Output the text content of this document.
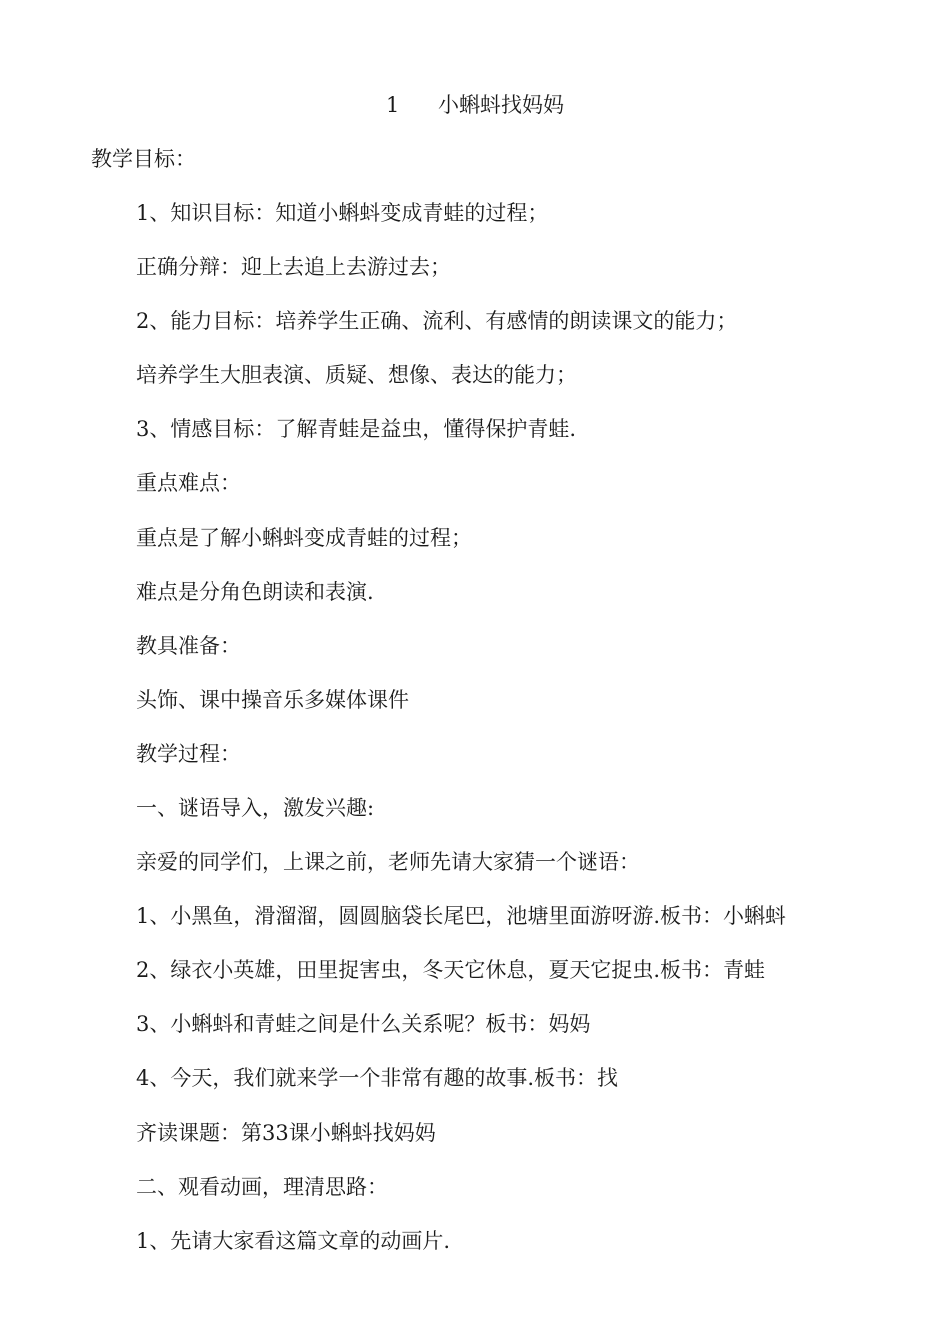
1 小蝌蚪找妈妈
教学目标：
1、知识目标：知道小蝌蚪变成青蛙的过程；
正确分辩：迎上去追上去游过去；
2、能力目标：培养学生正确、流利、有感情的朗读课文的能力；
培养学生大胆表演、质疑、想像、表达的能力；
3、情感目标：了解青蛙是益虫，懂得保护青蛙.
重点难点：
重点是了解小蝌蚪变成青蛙的过程；
难点是分角色朗读和表演.
教具准备：
头饰、课中操音乐多媒体课件
教学过程：
一、谜语导入，激发兴趣:
亲爱的同学们，上课之前，老师先请大家猜一个谜语：
1、小黑鱼，滑溜溜，圆圆脑袋长尾巴，池塘里面游呀游.板书：小蝌蚪
2、绿衣小英雄，田里捉害虫，冬天它休息，夏天它捉虫.板书：青蛙
3、小蝌蚪和青蛙之间是什么关系呢？板书：妈妈
4、今天，我们就来学一个非常有趣的故事.板书：找
齐读课题：第33课小蝌蚪找妈妈
二、观看动画，理清思路：
1、先请大家看这篇文章的动画片.
